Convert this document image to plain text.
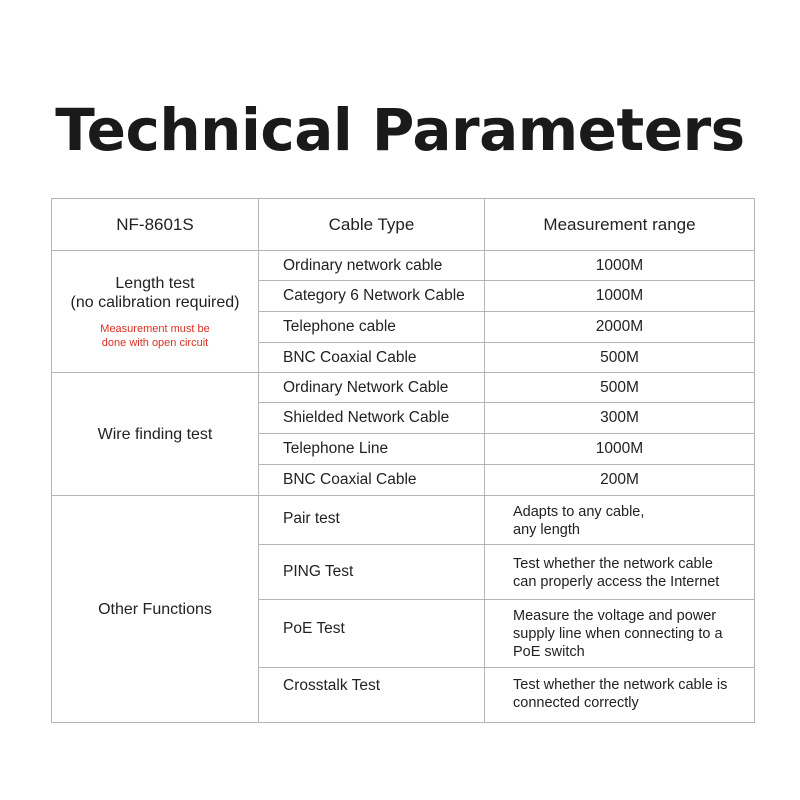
Technical Parameters
NF-8601S	Cable Type	Measurement range

Length test
(no calibration required)
Measurement must be
done with open circuit	Ordinary network cable	1000M
	Category 6 Network Cable	1000M
	Telephone cable	2000M
	BNC Coaxial Cable	500M
Wire finding test	Ordinary Network Cable	500M
	Shielded Network Cable	300M
	Telephone Line	1000M
	BNC Coaxial Cable	200M
Other Functions	Pair test	Adapts to any cable,
any length

	PING Test	Test whether the network cable
can properly access the Internet

	PoE Test	Measure the voltage and power
supply line when connecting to a
PoE switch

	Crosstalk Test	Test whether the network cable is
connected correctly
